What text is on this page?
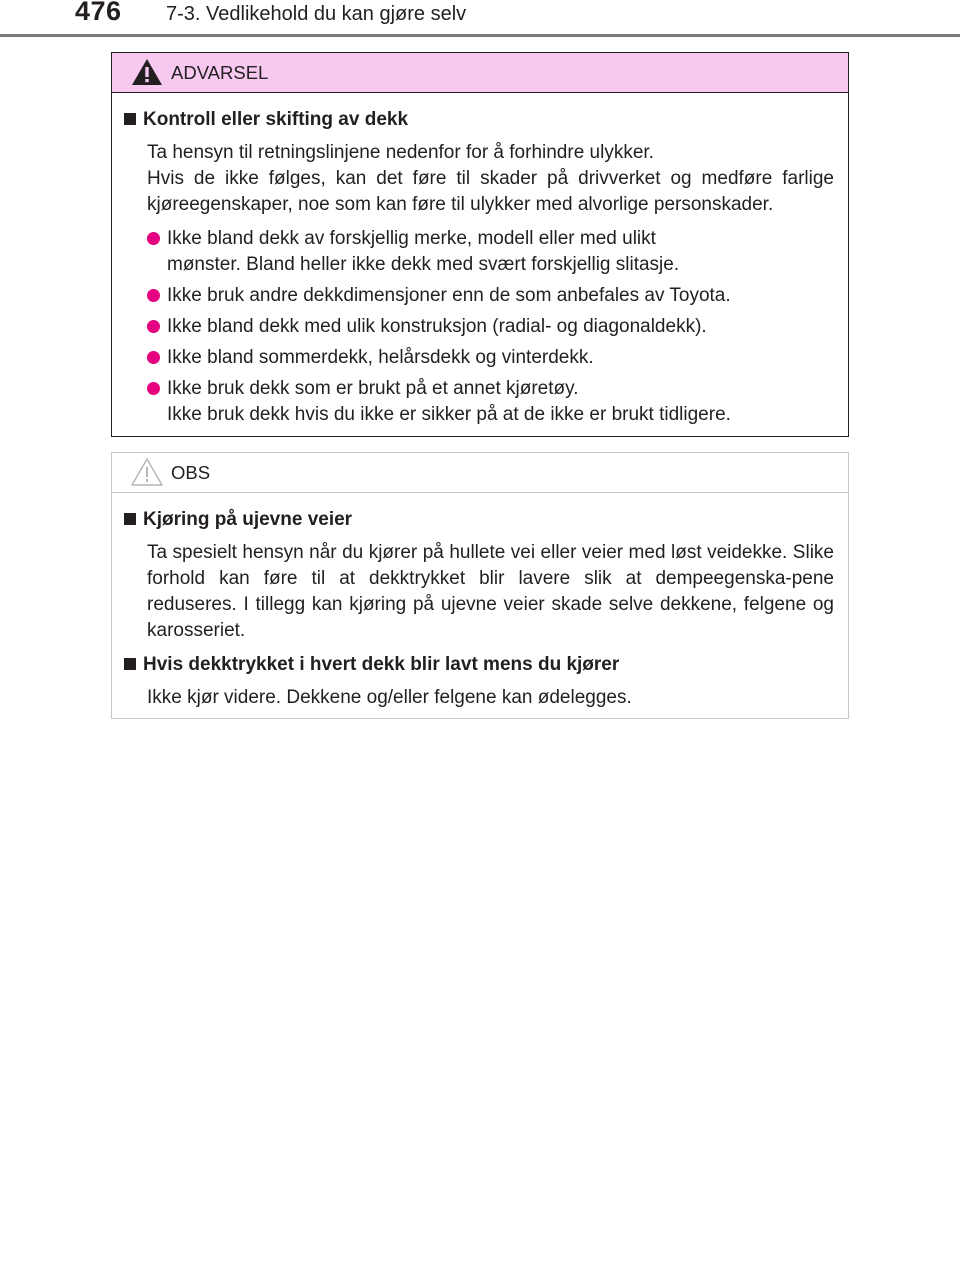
476 7-3. Vedlikehold du kan gjøre selv
ADVARSEL
Kontroll eller skifting av dekk
Ta hensyn til retningslinjene nedenfor for å forhindre ulykker.
Hvis de ikke følges, kan det føre til skader på drivverket og medføre farlige kjøreegenskaper, noe som kan føre til ulykker med alvorlige personskader.
Ikke bland dekk av forskjellig merke, modell eller med ulikt
mønster. Bland heller ikke dekk med svært forskjellig slitasje.
Ikke bruk andre dekkdimensjoner enn de som anbefales av Toyota.
Ikke bland dekk med ulik konstruksjon (radial- og diagonaldekk).
Ikke bland sommerdekk, helårsdekk og vinterdekk.
Ikke bruk dekk som er brukt på et annet kjøretøy.
Ikke bruk dekk hvis du ikke er sikker på at de ikke er brukt tidligere.
OBS
Kjøring på ujevne veier
Ta spesielt hensyn når du kjører på hullete vei eller veier med løst veidekke. Slike forhold kan føre til at dekktrykket blir lavere slik at dempeegenska-pene reduseres. I tillegg kan kjøring på ujevne veier skade selve dekkene, felgene og karosseriet.
Hvis dekktrykket i hvert dekk blir lavt mens du kjører
Ikke kjør videre. Dekkene og/eller felgene kan ødelegges.
